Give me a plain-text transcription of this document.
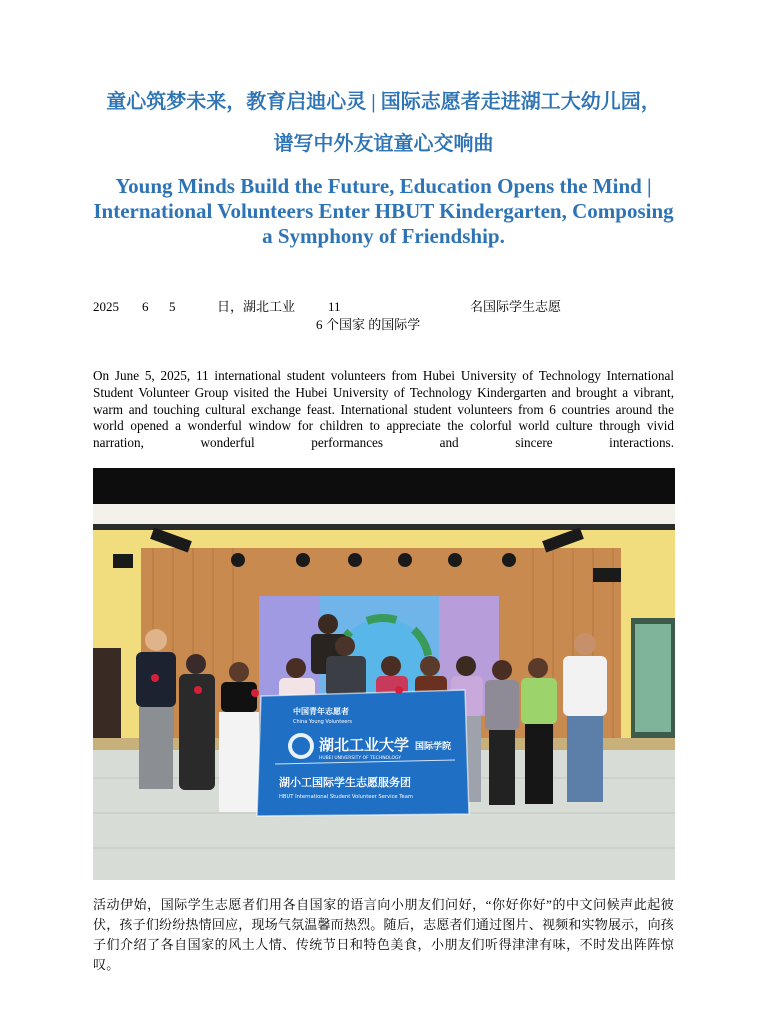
童心筑梦未来，教育启迪心灵 | 国际志愿者走进湖工大幼儿园，
谱写中外友谊童心交响曲
Young Minds Build the Future, Education Opens the Mind | International Volunteers Enter HBUT Kindergarten, Composing a Symphony of Friendship.
2025 6 5	日，湖北工业	11	名国际学生志愿
6 个国家 的国际学

On June 5, 2025, 11 international student volunteers from Hubei University of Technology International Student Volunteer Group visited the Hubei University of Technology Kindergarten and brought a vibrant, warm and touching cultural exchange feast. International student volunteers from 6 countries around the world opened a wonderful window for children to appreciate the colorful world culture through vivid narration, wonderful performances and sincere interactions.

中国青年志愿者
China Young Volunteers
湖北工业大学
HUBEI UNIVERSITY OF TECHNOLOGY
国际学院
湖小工国际学生志愿服务团
HBUT International Student Volunteer Service Team

活动伊始，国际学生志愿者们用各自国家的语言向小朋友们问好，“你好你好”的中文问候声此起彼伏，孩子们纷纷热情回应，现场气氛温馨而热烈。随后，志愿者们通过图片、视频和实物展示，向孩子们介绍了各自国家的风土人情、传统节日和特色美食，小朋友们听得津津有味，不时发出阵阵惊叹。
